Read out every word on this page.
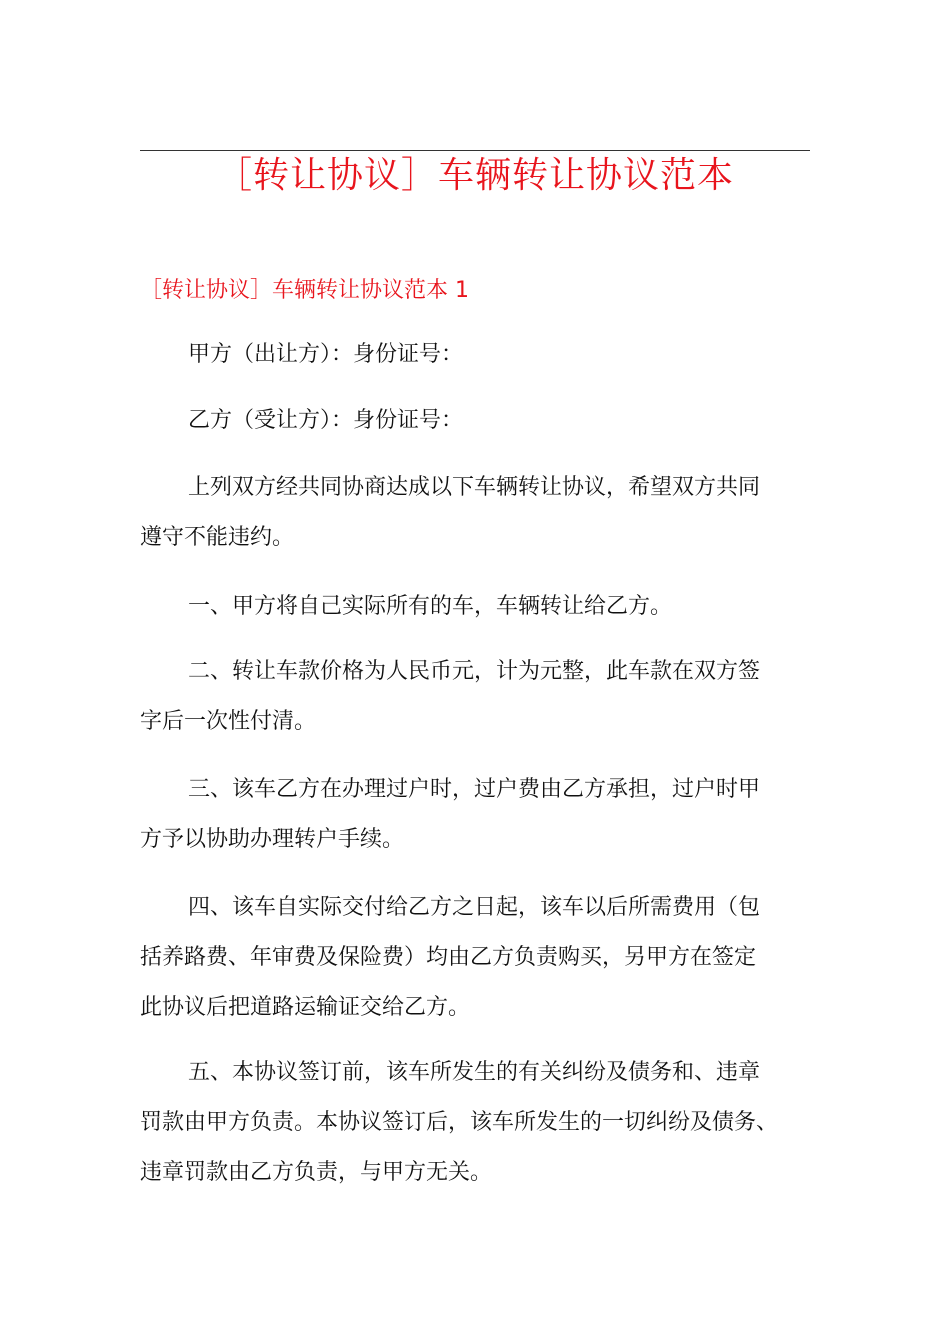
［转让协议］车辆转让协议范本
［转让协议］车辆转让协议范本 1
甲方（出让方）：身份证号：
乙方（受让方）：身份证号：
上列双方经共同协商达成以下车辆转让协议，希望双方共同
遵守不能违约。
一、甲方将自己实际所有的车，车辆转让给乙方。
二、转让车款价格为人民币元，计为元整，此车款在双方签
字后一次性付清。
三、该车乙方在办理过户时，过户费由乙方承担，过户时甲
方予以协助办理转户手续。
四、该车自实际交付给乙方之日起，该车以后所需费用（包
括养路费、年审费及保险费）均由乙方负责购买，另甲方在签定
此协议后把道路运输证交给乙方。
五、本协议签订前，该车所发生的有关纠纷及债务和、违章
罚款由甲方负责。本协议签订后，该车所发生的一切纠纷及债务、
违章罚款由乙方负责，与甲方无关。
